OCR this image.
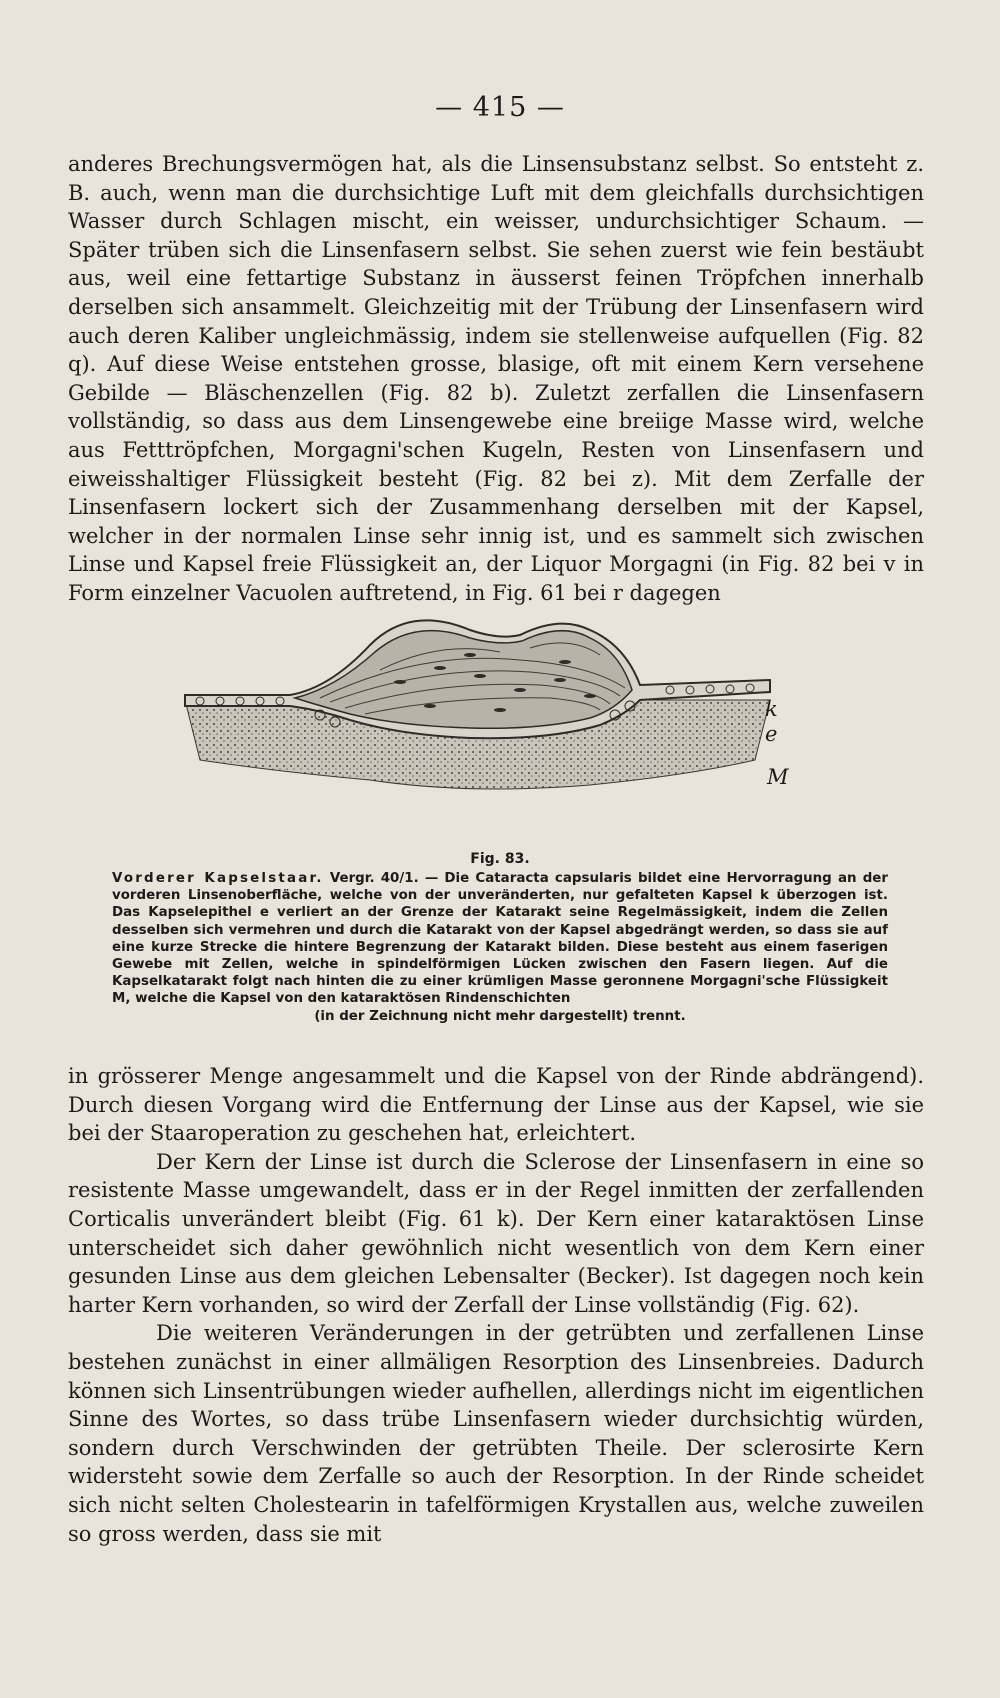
— 415 —

anderes Brechungsvermögen hat, als die Linsensubstanz selbst. So entsteht z. B. auch, wenn man die durchsichtige Luft mit dem gleichfalls durchsichtigen Wasser durch Schlagen mischt, ein weisser, undurchsichtiger Schaum. — Später trüben sich die Linsenfasern selbst. Sie sehen zuerst wie fein bestäubt aus, weil eine fettartige Substanz in äusserst feinen Tröpfchen innerhalb derselben sich ansammelt. Gleichzeitig mit der Trübung der Linsenfasern wird auch deren Kaliber ungleichmässig, indem sie stellenweise aufquellen (Fig. 82 q). Auf diese Weise entstehen grosse, blasige, oft mit einem Kern versehene Gebilde — Bläschenzellen (Fig. 82 b). Zuletzt zerfallen die Linsenfasern vollständig, so dass aus dem Linsengewebe eine breiige Masse wird, welche aus Fetttröpfchen, Morgagni'schen Kugeln, Resten von Linsenfasern und eiweisshaltiger Flüssigkeit besteht (Fig. 82 bei z). Mit dem Zerfalle der Linsenfasern lockert sich der Zusammenhang derselben mit der Kapsel, welcher in der normalen Linse sehr innig ist, und es sammelt sich zwischen Linse und Kapsel freie Flüssigkeit an, der Liquor Morgagni (in Fig. 82 bei v in Form einzelner Vacuolen auftretend, in Fig. 61 bei r dagegen

k
e
M
Fig. 83.
Vorderer Kapselstaar. Vergr. 40/1. — Die Cataracta capsularis bildet eine Hervorragung an der vorderen Linsenoberfläche, welche von der unveränderten, nur gefalteten Kapsel k überzogen ist. Das Kapselepithel e verliert an der Grenze der Katarakt seine Regelmässigkeit, indem die Zellen desselben sich vermehren und durch die Katarakt von der Kapsel abgedrängt werden, so dass sie auf eine kurze Strecke die hintere Begrenzung der Katarakt bilden. Diese besteht aus einem faserigen Gewebe mit Zellen, welche in spindelförmigen Lücken zwischen den Fasern liegen. Auf die Kapselkatarakt folgt nach hinten die zu einer krümligen Masse geronnene Morgagni'sche Flüssigkeit M, welche die Kapsel von den kataraktösen Rindenschichten
(in der Zeichnung nicht mehr dargestellt) trennt.

in grösserer Menge angesammelt und die Kapsel von der Rinde abdrängend). Durch diesen Vorgang wird die Entfernung der Linse aus der Kapsel, wie sie bei der Staaroperation zu geschehen hat, erleichtert.

Der Kern der Linse ist durch die Sclerose der Linsenfasern in eine so resistente Masse umgewandelt, dass er in der Regel inmitten der zerfallenden Corticalis unverändert bleibt (Fig. 61 k). Der Kern einer kataraktösen Linse unterscheidet sich daher gewöhnlich nicht wesentlich von dem Kern einer gesunden Linse aus dem gleichen Lebensalter (Becker). Ist dagegen noch kein harter Kern vorhanden, so wird der Zerfall der Linse vollständig (Fig. 62).

Die weiteren Veränderungen in der getrübten und zerfallenen Linse bestehen zunächst in einer allmäligen Resorption des Linsenbreies. Dadurch können sich Linsentrübungen wieder aufhellen, allerdings nicht im eigentlichen Sinne des Wortes, so dass trübe Linsenfasern wieder durchsichtig würden, sondern durch Verschwinden der getrübten Theile. Der sclerosirte Kern widersteht sowie dem Zerfalle so auch der Resorption. In der Rinde scheidet sich nicht selten Cholestearin in tafelförmigen Krystallen aus, welche zuweilen so gross werden, dass sie mit
